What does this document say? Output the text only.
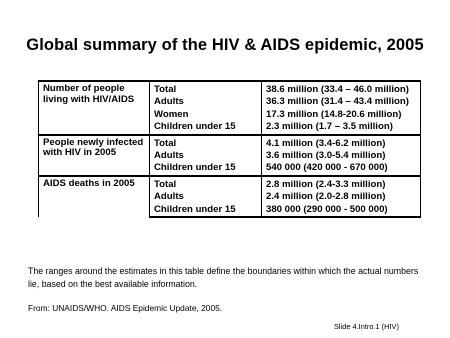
Global summary of the HIV & AIDS epidemic, 2005
Number of people living with HIV/AIDS	Total	38.6 million (33.4 – 46.0 million)
	Adults	36.3 million (31.4 – 43.4 million)
	Women	17.3 million (14.8-20.6 million)
	Children under 15	2.3 million (1.7 – 3.5 million)
People newly infected with HIV in 2005	Total	4.1 million (3.4-6.2 million)
	Adults	3.6 million (3.0-5.4 million)
	Children under 15	540 000 (420 000 - 670 000)
AIDS deaths in 2005	Total	2.8 million (2.4-3.3 million)
	Adults	2.4 million (2.0-2.8 million)
	Children under 15	380 000 (290 000 - 500 000)
The ranges around the estimates in this table define the boundaries within which the actual numbers lie, based on the best available information.
From: UNAIDS/WHO. AIDS Epidemic Update, 2005.
Slide 4.Intro.1 (HIV)
